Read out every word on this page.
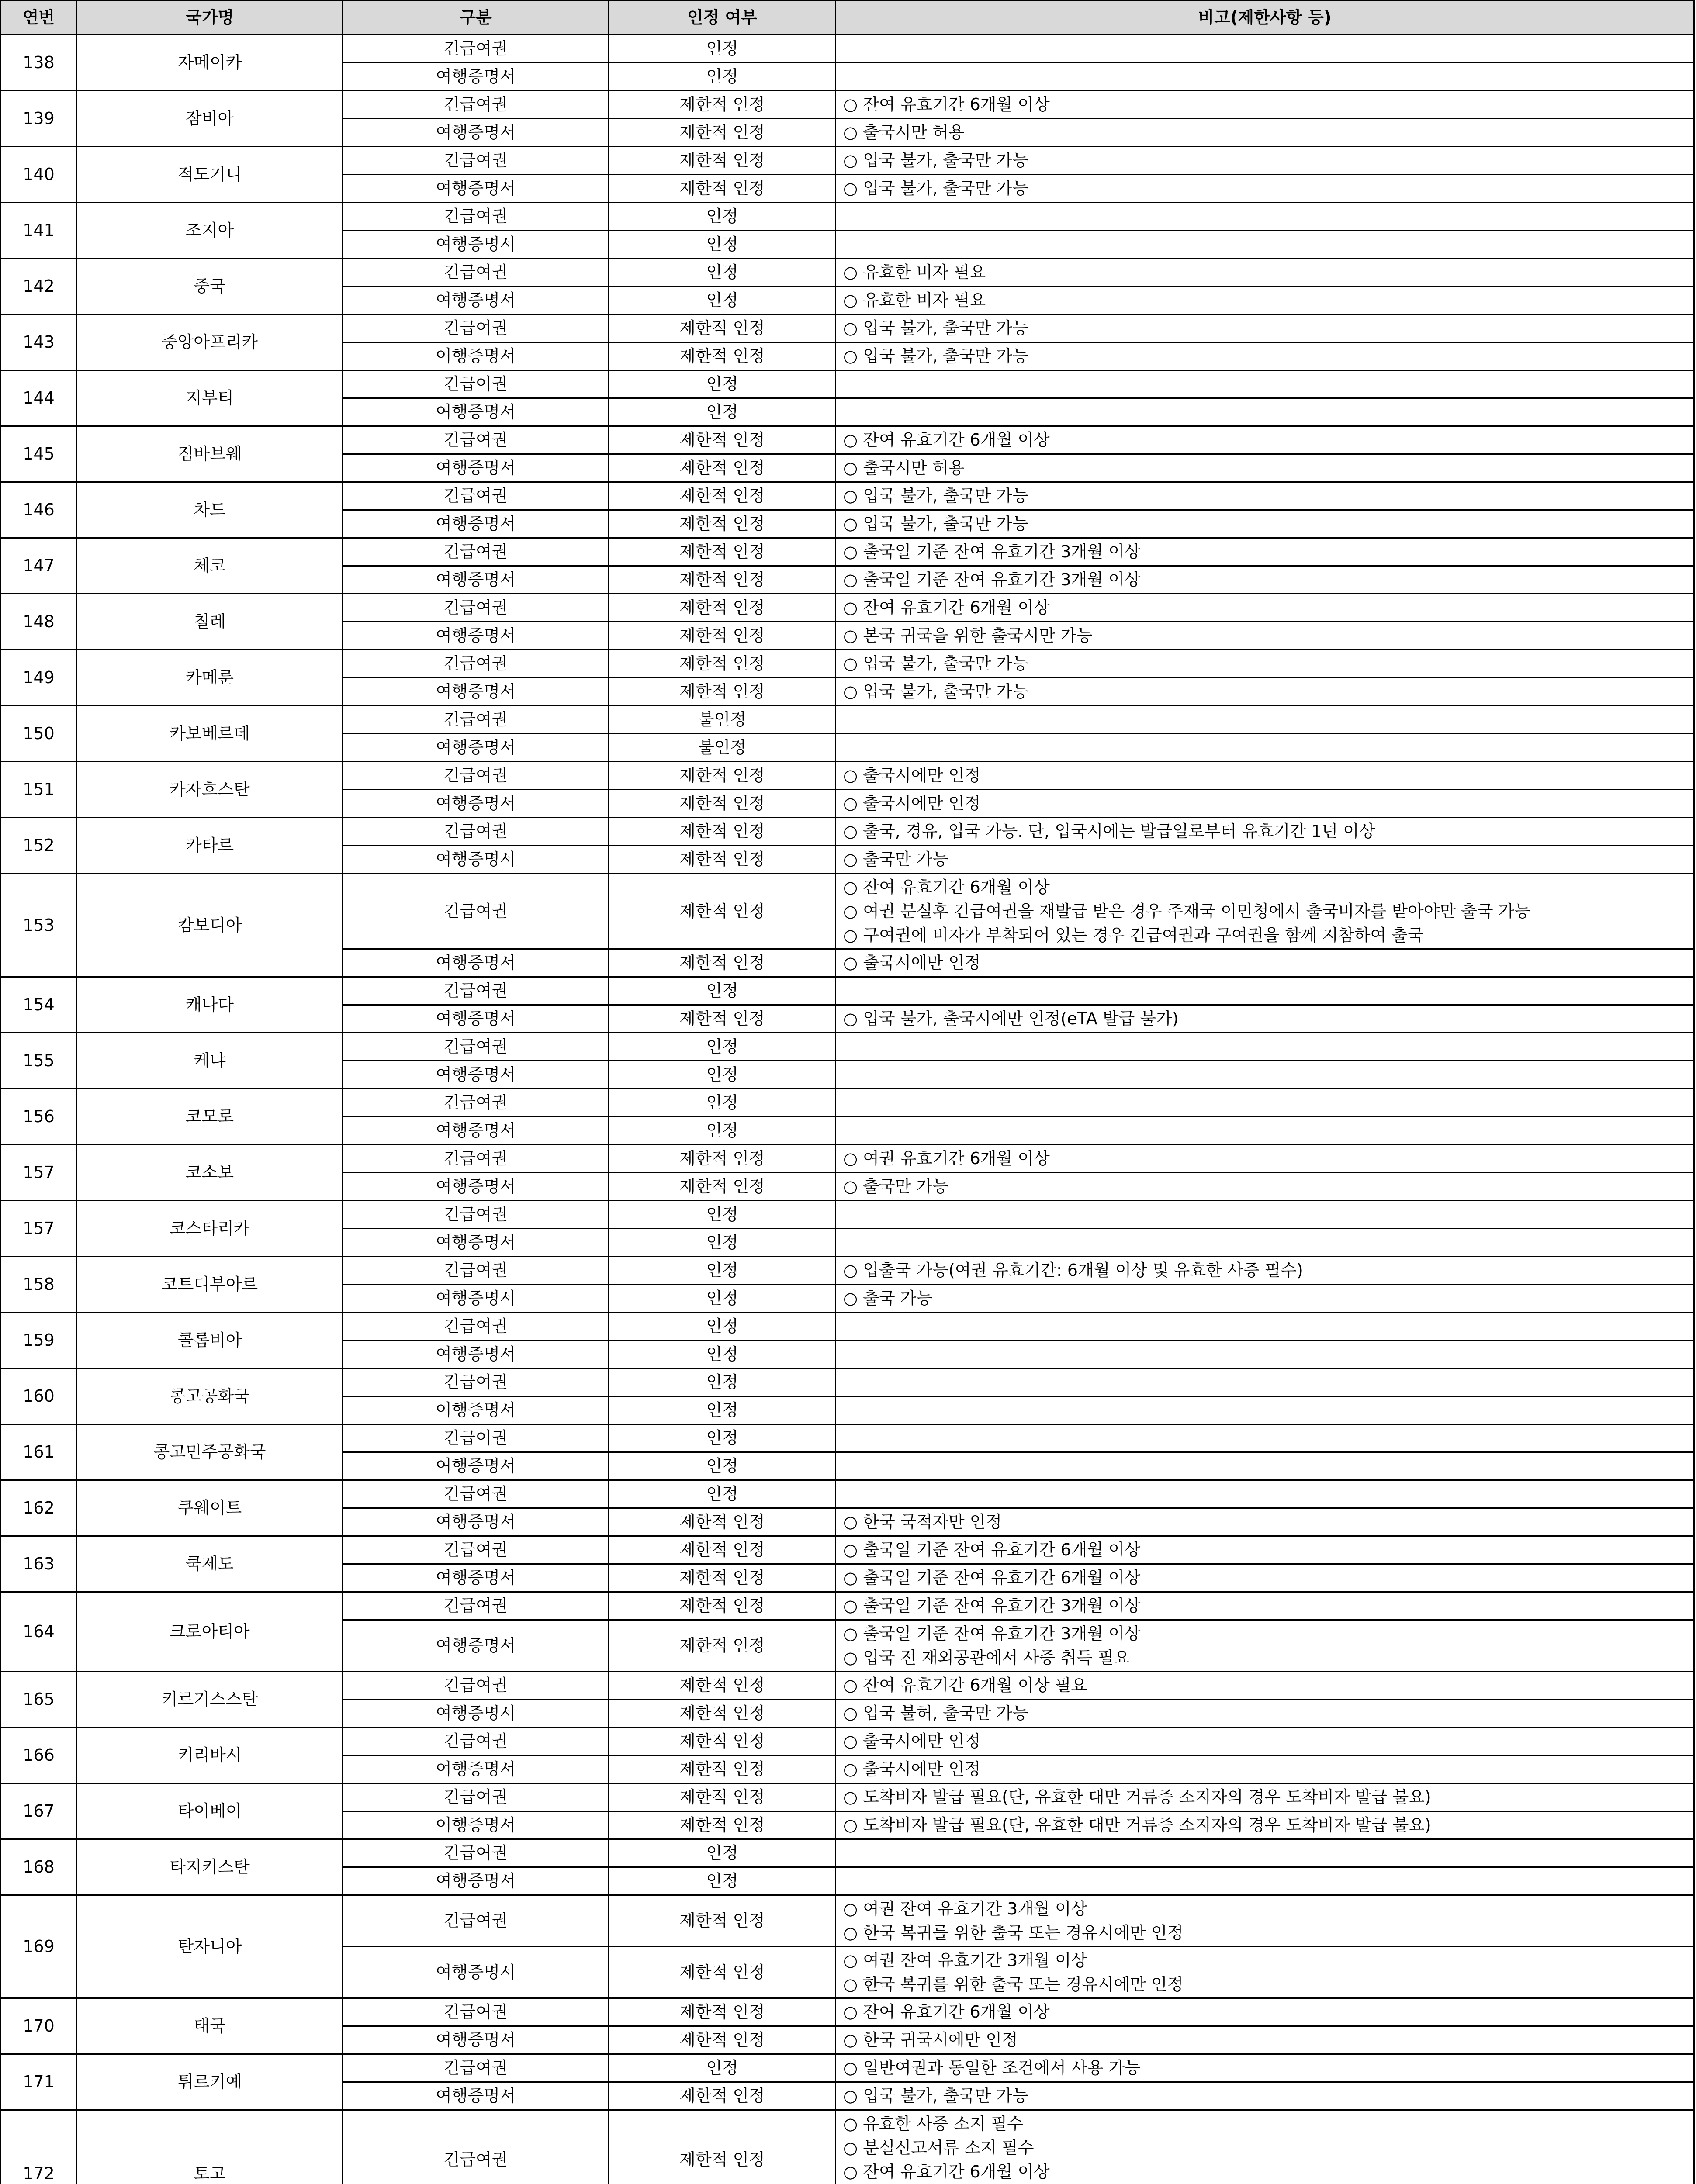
연번	국가명	구분	인정 여부	비고(제한사항 등)
138	자메이카	긴급여권	인정	
		여행증명서	인정	
139	잠비아	긴급여권	제한적 인정	○ 잔여 유효기간 6개월 이상

		여행증명서	제한적 인정	○ 출국시만 허용

140	적도기니	긴급여권	제한적 인정	○ 입국 불가, 출국만 가능

		여행증명서	제한적 인정	○ 입국 불가, 출국만 가능

141	조지아	긴급여권	인정	
		여행증명서	인정	
142	중국	긴급여권	인정	○ 유효한 비자 필요

		여행증명서	인정	○ 유효한 비자 필요

143	중앙아프리카	긴급여권	제한적 인정	○ 입국 불가, 출국만 가능

		여행증명서	제한적 인정	○ 입국 불가, 출국만 가능

144	지부티	긴급여권	인정	
		여행증명서	인정	
145	짐바브웨	긴급여권	제한적 인정	○ 잔여 유효기간 6개월 이상

		여행증명서	제한적 인정	○ 출국시만 허용

146	차드	긴급여권	제한적 인정	○ 입국 불가, 출국만 가능

		여행증명서	제한적 인정	○ 입국 불가, 출국만 가능

147	체코	긴급여권	제한적 인정	○ 출국일 기준 잔여 유효기간 3개월 이상

		여행증명서	제한적 인정	○ 출국일 기준 잔여 유효기간 3개월 이상

148	칠레	긴급여권	제한적 인정	○ 잔여 유효기간 6개월 이상

		여행증명서	제한적 인정	○ 본국 귀국을 위한 출국시만 가능

149	카메룬	긴급여권	제한적 인정	○ 입국 불가, 출국만 가능

		여행증명서	제한적 인정	○ 입국 불가, 출국만 가능

150	카보베르데	긴급여권	불인정	
		여행증명서	불인정	
151	카자흐스탄	긴급여권	제한적 인정	○ 출국시에만 인정

		여행증명서	제한적 인정	○ 출국시에만 인정

152	카타르	긴급여권	제한적 인정	○ 출국, 경유, 입국 가능. 단, 입국시에는 발급일로부터 유효기간 1년 이상

		여행증명서	제한적 인정	○ 출국만 가능

153	캄보디아	긴급여권	제한적 인정	○ 잔여 유효기간 6개월 이상
○ 여권 분실후 긴급여권을 재발급 받은 경우 주재국 이민청에서 출국비자를 받아야만 출국 가능
○ 구여권에 비자가 부착되어 있는 경우 긴급여권과 구여권을 함께 지참하여 출국

		여행증명서	제한적 인정	○ 출국시에만 인정

154	캐나다	긴급여권	인정	
		여행증명서	제한적 인정	○ 입국 불가, 출국시에만 인정(eTA 발급 불가)

155	케냐	긴급여권	인정	
		여행증명서	인정	
156	코모로	긴급여권	인정	
		여행증명서	인정	
157	코소보	긴급여권	제한적 인정	○ 여권 유효기간 6개월 이상

		여행증명서	제한적 인정	○ 출국만 가능

157	코스타리카	긴급여권	인정	
		여행증명서	인정	
158	코트디부아르	긴급여권	인정	○ 입출국 가능(여권 유효기간: 6개월 이상 및 유효한 사증 필수)

		여행증명서	인정	○ 출국 가능

159	콜롬비아	긴급여권	인정	
		여행증명서	인정	
160	콩고공화국	긴급여권	인정	
		여행증명서	인정	
161	콩고민주공화국	긴급여권	인정	
		여행증명서	인정	
162	쿠웨이트	긴급여권	인정	
		여행증명서	제한적 인정	○ 한국 국적자만 인정

163	쿡제도	긴급여권	제한적 인정	○ 출국일 기준 잔여 유효기간 6개월 이상

		여행증명서	제한적 인정	○ 출국일 기준 잔여 유효기간 6개월 이상

164	크로아티아	긴급여권	제한적 인정	○ 출국일 기준 잔여 유효기간 3개월 이상

		여행증명서	제한적 인정	○ 출국일 기준 잔여 유효기간 3개월 이상
○ 입국 전 재외공관에서 사증 취득 필요

165	키르기스스탄	긴급여권	제한적 인정	○ 잔여 유효기간 6개월 이상 필요

		여행증명서	제한적 인정	○ 입국 불허, 출국만 가능

166	키리바시	긴급여권	제한적 인정	○ 출국시에만 인정

		여행증명서	제한적 인정	○ 출국시에만 인정

167	타이베이	긴급여권	제한적 인정	○ 도착비자 발급 필요(단, 유효한 대만 거류증 소지자의 경우 도착비자 발급 불요)

		여행증명서	제한적 인정	○ 도착비자 발급 필요(단, 유효한 대만 거류증 소지자의 경우 도착비자 발급 불요)

168	타지키스탄	긴급여권	인정	
		여행증명서	인정	
169	탄자니아	긴급여권	제한적 인정	○ 여권 잔여 유효기간 3개월 이상
○ 한국 복귀를 위한 출국 또는 경유시에만 인정

		여행증명서	제한적 인정	○ 여권 잔여 유효기간 3개월 이상
○ 한국 복귀를 위한 출국 또는 경유시에만 인정

170	태국	긴급여권	제한적 인정	○ 잔여 유효기간 6개월 이상

		여행증명서	제한적 인정	○ 한국 귀국시에만 인정

171	튀르키예	긴급여권	인정	○ 일반여권과 동일한 조건에서 사용 가능

		여행증명서	제한적 인정	○ 입국 불가, 출국만 가능

172	토고	긴급여권	제한적 인정	○ 유효한 사증 소지 필수
○ 분실신고서류 소지 필수
○ 잔여 유효기간 6개월 이상
○
